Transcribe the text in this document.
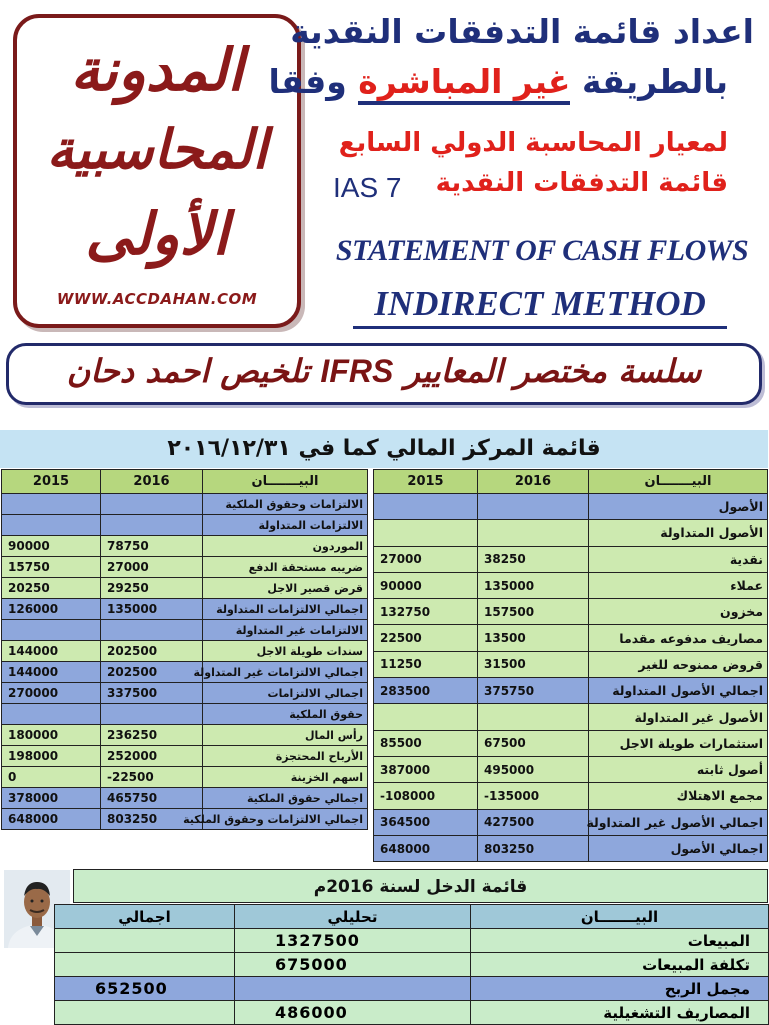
المدونة
المحاسبية
الأولى
WWW.ACCDAHAN.COM
اعداد قائمة التدفقات النقدية
بالطريقة غير المباشرة وفقا
لمعيار المحاسبة الدولي السابع
قائمة التدفقات النقدية
IAS 7
STATEMENT OF CASH FLOWS
INDIRECT METHOD
سلسة مختصر المعايير IFRS تلخيص احمد دحان
قائمة المركز المالي كما في ٢٠١٦/١٢/٣١
2015	2016	البيـــــــان
		الالتزامات وحقوق الملكية
		الالتزامات المتداولة
90000	78750	الموردون
15750	27000	ضريبه مستحقة الدفع
20250	29250	قرض قصير الاجل
126000	135000	اجمالي الالتزامات المتداولة
		الالتزامات غير المتداولة
144000	202500	سندات طويلة الاجل
144000	202500	اجمالي الالتزامات غير المتداولة
270000	337500	اجمالي الالتزامات
		حقوق الملكية
180000	236250	رأس المال
198000	252000	الأرباح المحتجزة
0	-22500	اسهم الخزينة
378000	465750	اجمالي حقوق الملكية
648000	803250	اجمالي الالتزامات وحقوق الملكية
2015	2016	البيـــــــان
		الأصول
		الأصول المتداولة
27000	38250	نقدية
90000	135000	عملاء
132750	157500	مخزون
22500	13500	مصاريف مدفوعه مقدما
11250	31500	قروض ممنوحه للغير
283500	375750	اجمالي الأصول المتداولة
		الأصول غير المتداولة
85500	67500	استثمارات طويلة الاجل
387000	495000	أصول ثابته
-108000	-135000	مجمع الاهتلاك
364500	427500	اجمالي الأصول غير المتداولة
648000	803250	اجمالي الأصول
قائمة الدخل لسنة 2016م
اجمالي	تحليلي	البيـــــــان
	1327500	المبيعات
	675000	تكلفة المبيعات
652500		مجمل الربح
	486000	المصاريف التشغيلية
